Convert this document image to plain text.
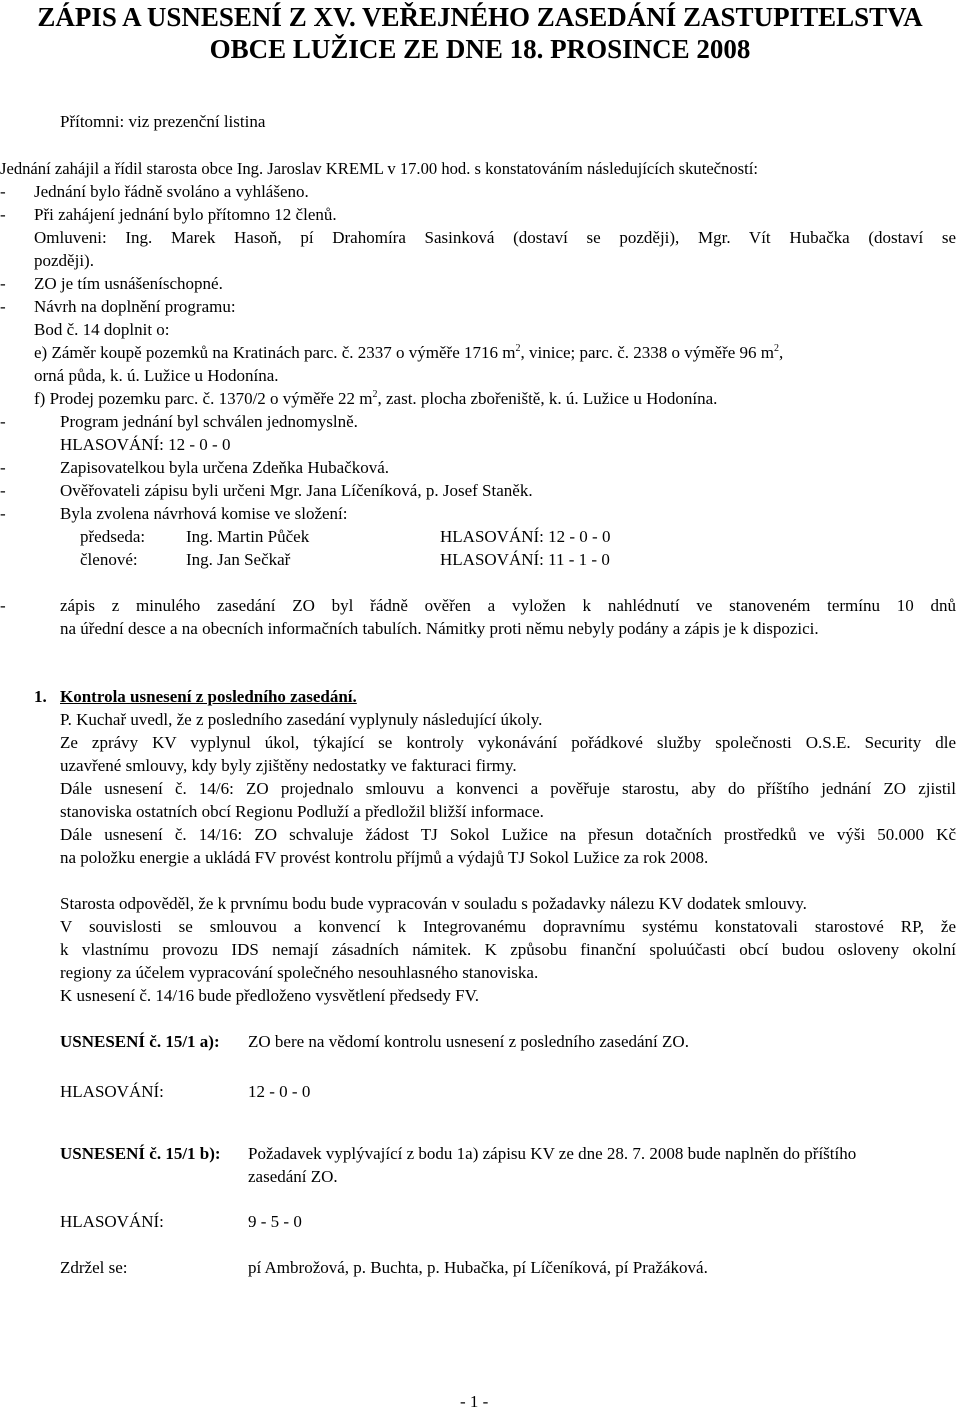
ZÁPIS A USNESENÍ Z XV. VEŘEJNÉHO ZASEDÁNÍ ZASTUPITELSTVA
OBCE LUŽICE ZE DNE 18. PROSINCE 2008
Přítomni: viz prezenční listina
Jednání zahájil a řídil starosta obce Ing. Jaroslav KREML v 17.00 hod. s konstatováním následujících skutečností:
- Jednání bylo řádně svoláno a vyhlášeno.
- Při zahájení jednání bylo přítomno 12 členů.
Omluveni: Ing. Marek Hasoň, pí Drahomíra Sasinková (dostaví se později), Mgr. Vít Hubačka (dostaví se
později).
- ZO je tím usnášeníschopné.
- Návrh na doplnění programu:
Bod č. 14 doplnit o:
e) Záměr koupě pozemků na Kratinách parc. č. 2337 o výměře 1716 $m^2$, vinice; parc. č. 2338 o výměře 96 $m^2$,
orná půda, k. ú. Lužice u Hodonína.
f) Prodej pozemku parc. č. 1370/2 o výměře 22 $m^2$, zast. plocha zbořeniště, k. ú. Lužice u Hodonína.
-	Program jednání byl schválen jednomyslně.
HLASOVÁNÍ: 12 - 0 - 0
-	Zapisovatelkou byla určena Zdeňka Hubačková.
-	Ověřovateli zápisu byli určeni Mgr. Jana Líčeníková, p. Josef Staněk.
-	Byla zvolena návrhová komise ve složení:
předseda: Ing. Martin Půček	HLASOVÁNÍ: 12 - 0 - 0
členové:	Ing. Jan Sečkař	HLASOVÁNÍ: 11 - 1 - 0
-	zápis z minulého zasedání ZO byl řádně ověřen a vyložen k nahlédnutí ve stanoveném termínu 10 dnů
na úřední desce a na obecních informačních tabulích. Námitky proti němu nebyly podány a zápis je k dispozici.
1. Kontrola usnesení z posledního zasedání.
P. Kuchař uvedl, že z posledního zasedání vyplynuly následující úkoly.
Ze zprávy KV vyplynul úkol, týkající se kontroly vykonávání pořádkové služby společnosti O.S.E. Security dle
uzavřené smlouvy, kdy byly zjištěny nedostatky ve fakturaci firmy.
Dále usnesení č. 14/6: ZO projednalo smlouvu a konvenci a pověřuje starostu, aby do příštího jednání ZO zjistil
stanoviska ostatních obcí Regionu Podluží a předložil bližší informace.
Dále usnesení č. 14/16: ZO schvaluje žádost TJ Sokol Lužice na přesun dotačních prostředků ve výši 50.000 Kč
na položku energie a ukládá FV provést kontrolu příjmů a výdajů TJ Sokol Lužice za rok 2008.
Starosta odpověděl, že k prvnímu bodu bude vypracován v souladu s požadavky nálezu KV dodatek smlouvy.
V souvislosti se smlouvou a konvencí k Integrovanému dopravnímu systému konstatovali starostové RP, že
k vlastnímu provozu IDS nemají zásadních námitek. K způsobu finanční spoluúčasti obcí budou osloveny okolní
regiony za účelem vypracování společného nesouhlasného stanoviska.
K usnesení č. 14/16 bude předloženo vysvětlení předsedy FV.
USNESENÍ č. 15/1 a): ZO bere na vědomí kontrolu usnesení z posledního zasedání ZO.
HLASOVÁNÍ:	12 - 0 - 0
USNESENÍ č. 15/1 b): Požadavek vyplývající z bodu 1a) zápisu KV ze dne 28. 7. 2008 bude naplněn do příštího
zasedání ZO.
HLASOVÁNÍ:	9 - 5 - 0
Zdržel se:	pí Ambrožová, p. Buchta, p. Hubačka, pí Líčeníková, pí Pražáková.
- 1 -
